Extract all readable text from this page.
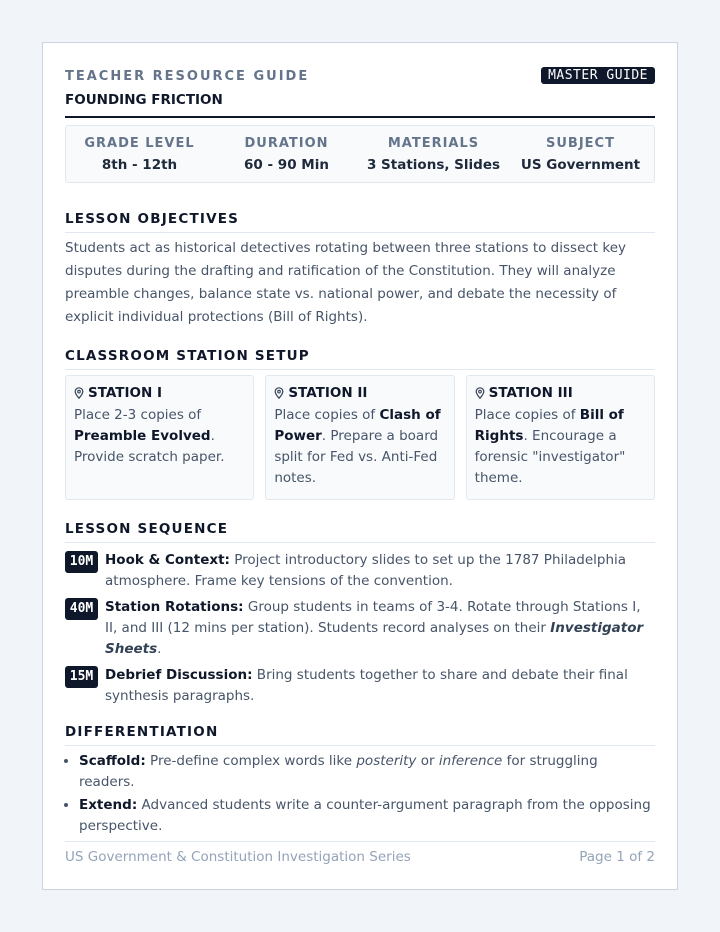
TEACHER RESOURCE GUIDE
FOUNDING FRICTION
MASTER GUIDE
GRADE LEVEL
8th - 12th
DURATION
60 - 90 Min
MATERIALS
3 Stations, Slides
SUBJECT
US Government
LESSON OBJECTIVES

Students act as historical detectives rotating between three stations to dissect key disputes during the drafting and ratification of the Constitution. They will analyze preamble changes, balance state vs. national power, and debate the necessity of explicit individual protections (Bill of Rights).

CLASSROOM STATION SETUP
STATION I
Place 2-3 copies of Preamble Evolved. Provide scratch paper.
STATION II
Place copies of Clash of Power. Prepare a board split for Fed vs. Anti-Fed notes.
STATION III
Place copies of Bill of Rights. Encourage a forensic "investigator" theme.
LESSON SEQUENCE
10M Hook & Context: Project introductory slides to set up the 1787 Philadelphia atmosphere. Frame key tensions of the convention.
40M Station Rotations: Group students in teams of 3-4. Rotate through Stations I, II, and III (12 mins per station). Students record analyses on their Investigator Sheets.
15M Debrief Discussion: Bring students together to share and debate their final synthesis paragraphs.
DIFFERENTIATION
• Scaffold: Pre-define complex words like posterity or inference for struggling readers.
• Extend: Advanced students write a counter-argument paragraph from the opposing perspective.
US Government & Constitution Investigation Series	Page 1 of 2
